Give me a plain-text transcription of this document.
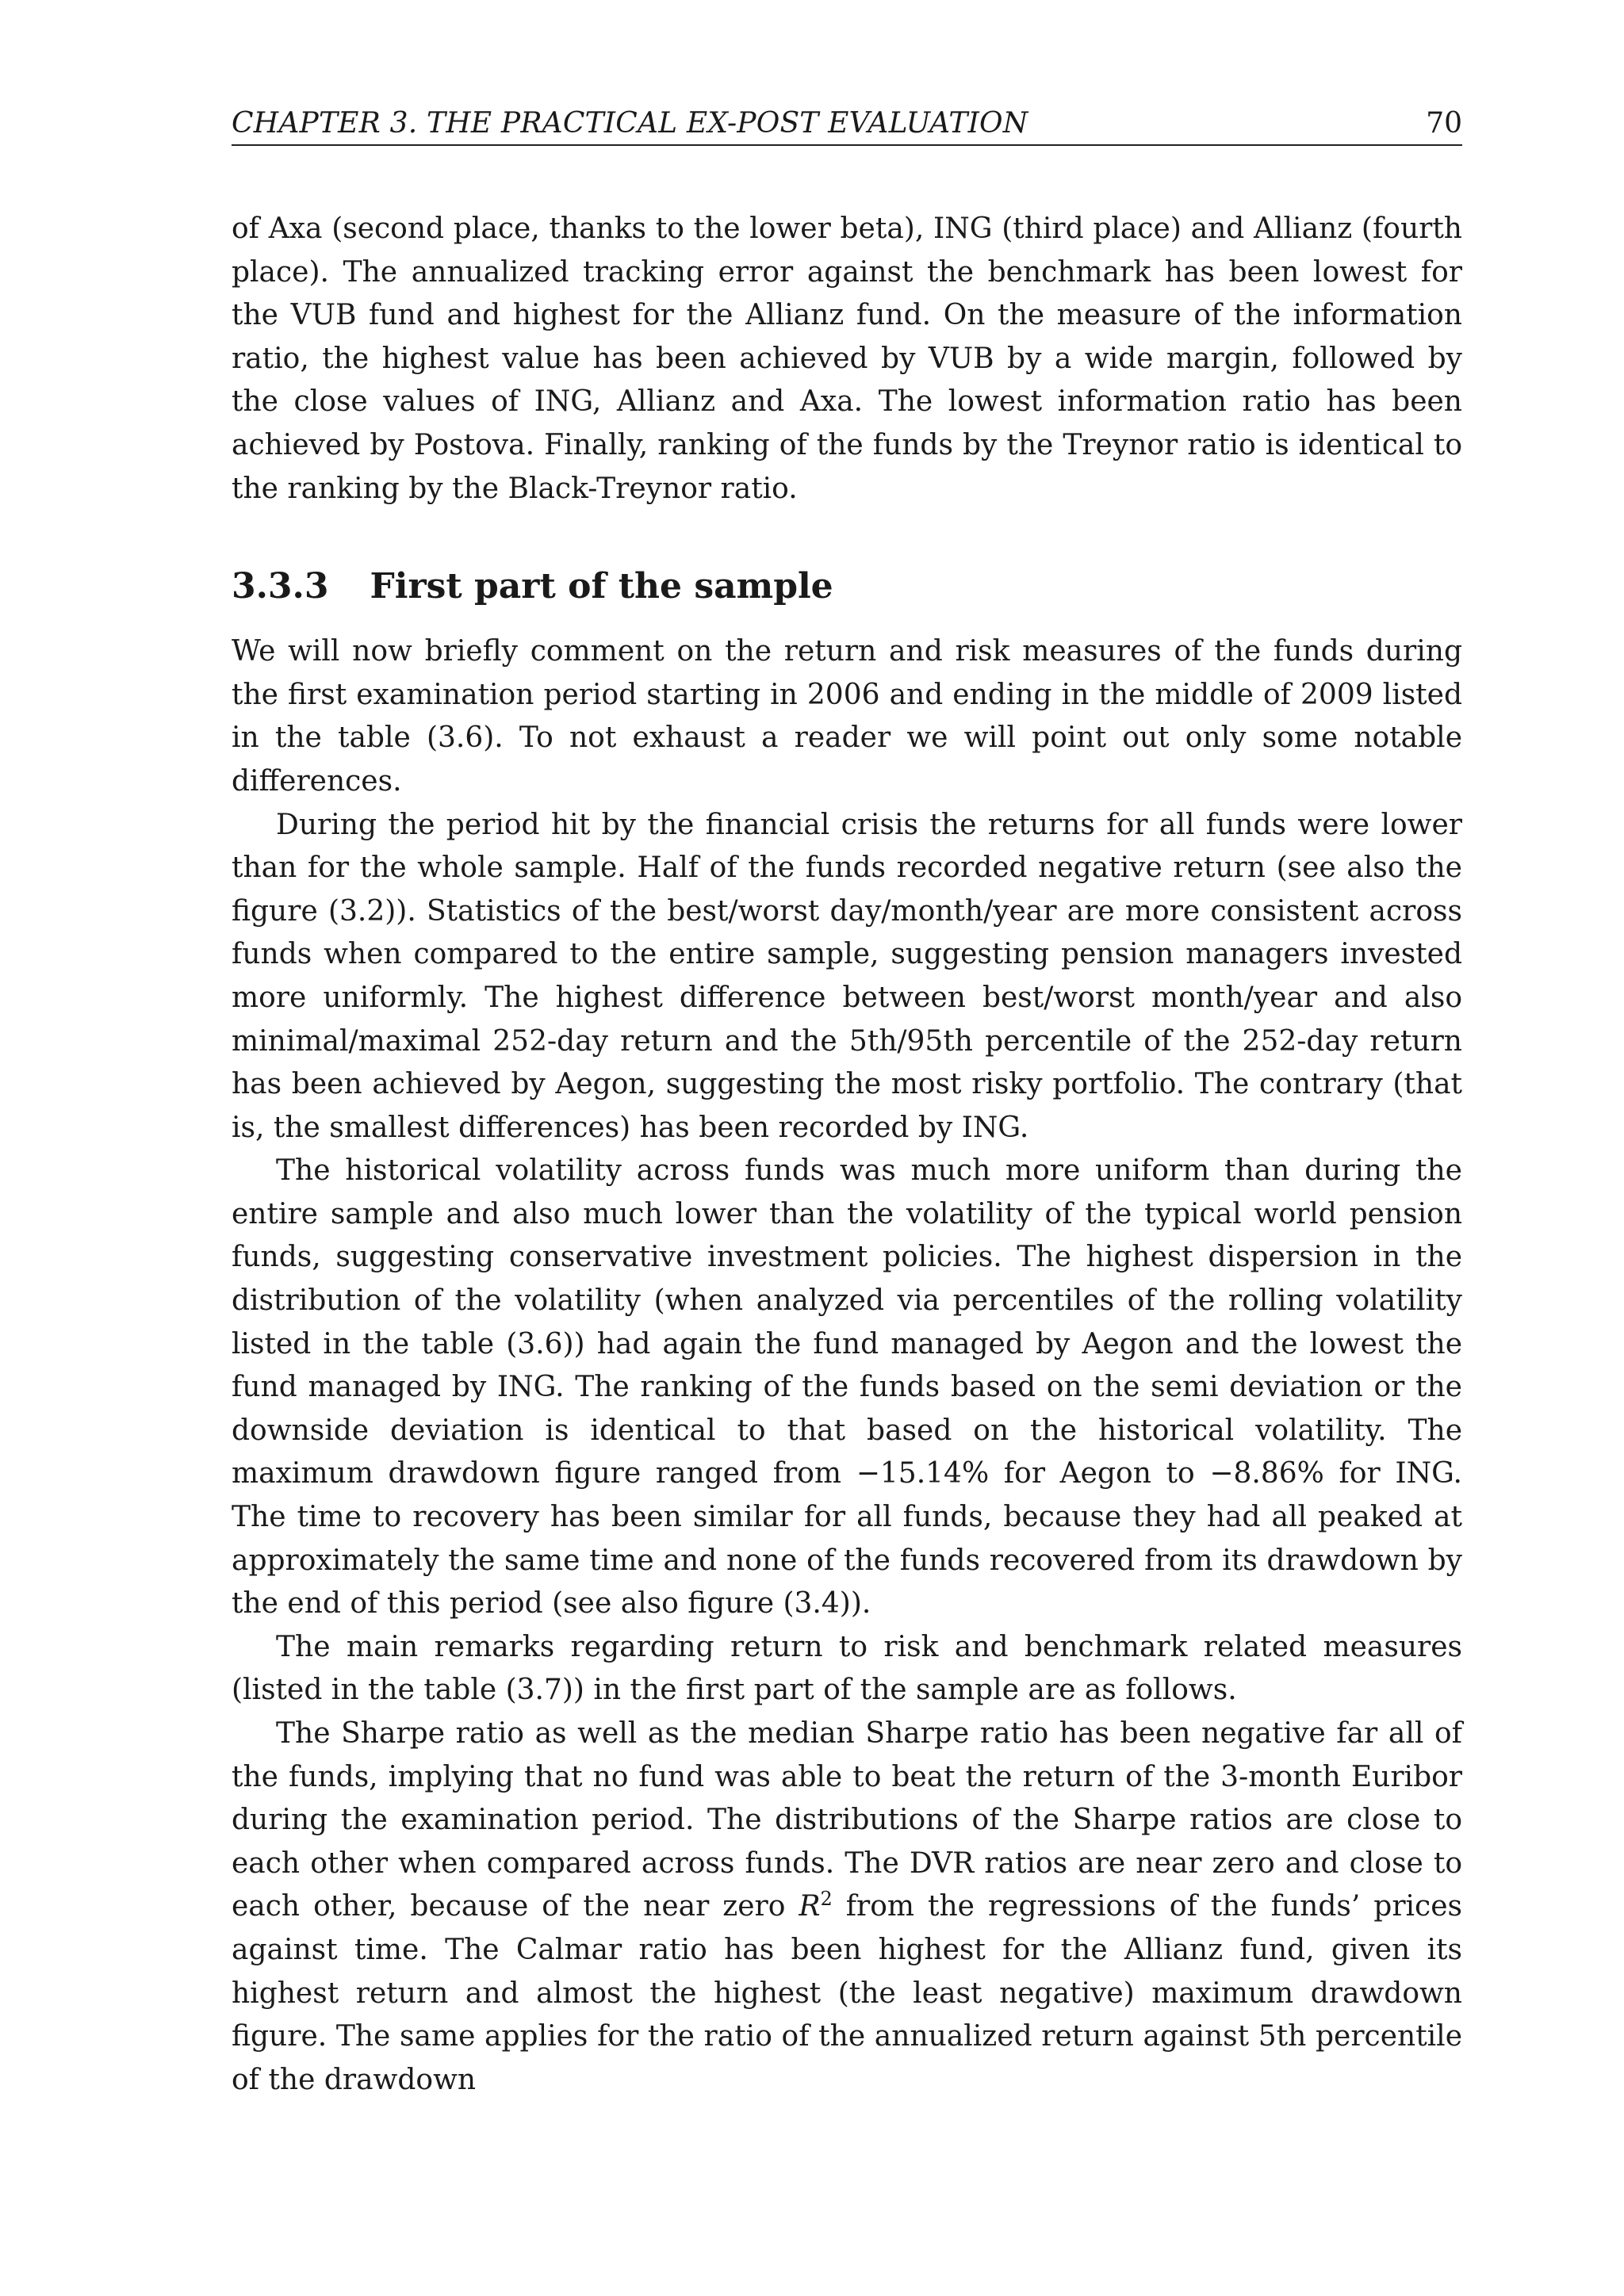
CHAPTER 3. THE PRACTICAL EX-POST EVALUATION	70

of Axa (second place, thanks to the lower beta), ING (third place) and Allianz (fourth place). The annualized tracking error against the benchmark has been lowest for the VUB fund and highest for the Allianz fund. On the measure of the information ratio, the highest value has been achieved by VUB by a wide margin, followed by the close values of ING, Allianz and Axa. The lowest information ratio has been achieved by Postova. Finally, ranking of the funds by the Treynor ratio is identical to the ranking by the Black-Treynor ratio.

3.3.3 First part of the sample

We will now briefly comment on the return and risk measures of the funds during the first examination period starting in 2006 and ending in the middle of 2009 listed in the table (3.6). To not exhaust a reader we will point out only some notable differences.

During the period hit by the financial crisis the returns for all funds were lower than for the whole sample. Half of the funds recorded negative return (see also the figure (3.2)). Statistics of the best/worst day/month/year are more consistent across funds when compared to the entire sample, suggesting pension managers invested more uniformly. The highest difference between best/worst month/year and also minimal/maximal 252-day return and the 5th/95th percentile of the 252-day return has been achieved by Aegon, suggesting the most risky portfolio. The contrary (that is, the smallest differences) has been recorded by ING.

The historical volatility across funds was much more uniform than during the entire sample and also much lower than the volatility of the typical world pension funds, suggesting conservative investment policies. The highest dispersion in the distribution of the volatility (when analyzed via percentiles of the rolling volatility listed in the table (3.6)) had again the fund managed by Aegon and the lowest the fund managed by ING. The ranking of the funds based on the semi deviation or the downside deviation is identical to that based on the historical volatility. The maximum drawdown figure ranged from −15.14% for Aegon to −8.86% for ING. The time to recovery has been similar for all funds, because they had all peaked at approximately the same time and none of the funds recovered from its drawdown by the end of this period (see also figure (3.4)).

The main remarks regarding return to risk and benchmark related measures (listed in the table (3.7)) in the first part of the sample are as follows.

The Sharpe ratio as well as the median Sharpe ratio has been negative far all of the funds, implying that no fund was able to beat the return of the 3-month Euribor during the examination period. The distributions of the Sharpe ratios are close to each other when compared across funds. The DVR ratios are near zero and close to each other, because of the near zero $R^2$ from the regressions of the funds’ prices against time. The Calmar ratio has been highest for the Allianz fund, given its highest return and almost the highest (the least negative) maximum drawdown figure. The same applies for the ratio of the annualized return against 5th percentile of the drawdown
